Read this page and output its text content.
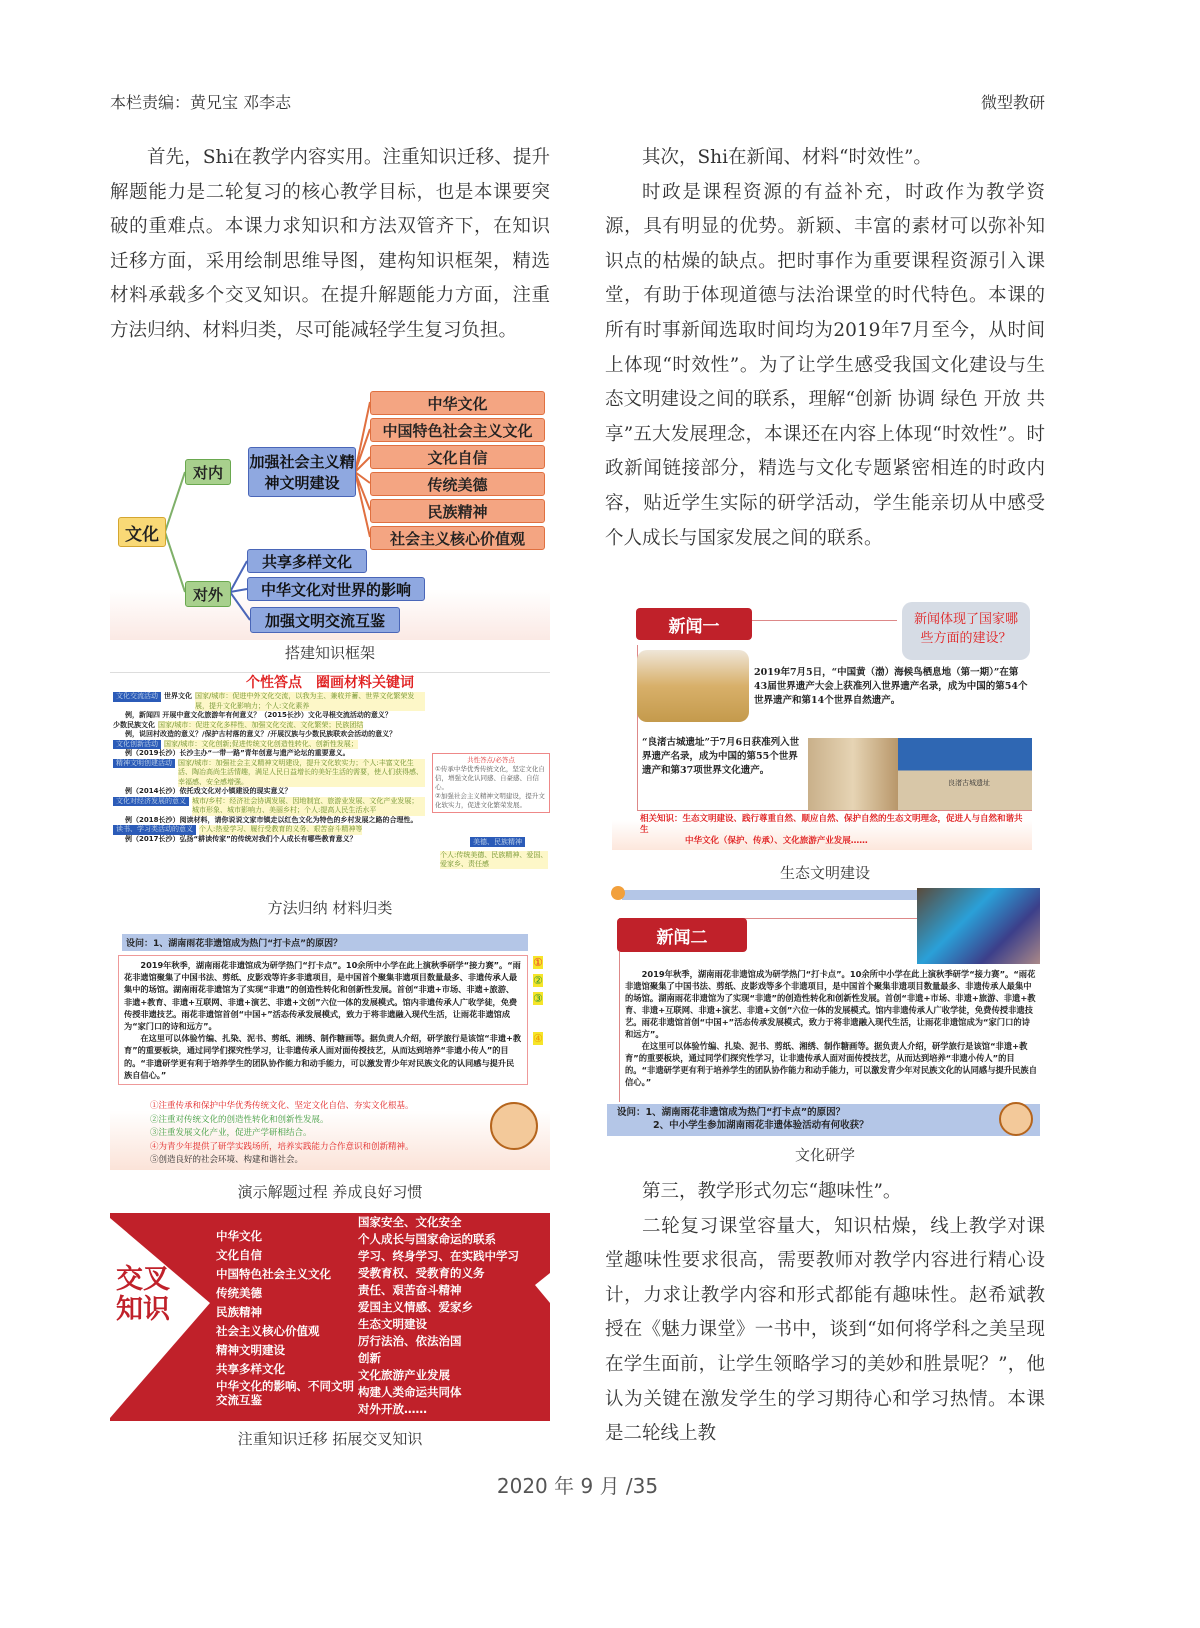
本栏责编：黄兄宝 邓李志	微型教研

首先，Shi在教学内容实用。注重知识迁移、提升解题能力是二轮复习的核心教学目标，也是本课要突破的重难点。本课力求知识和方法双管齐下，在知识迁移方面，采用绘制思维导图，建构知识框架，精选材料承载多个交叉知识。在提升解题能力方面，注重方法归纳、材料归类，尽可能减轻学生复习负担。

文化
对内
对外
加强社会主义精神文明建设
中华文化
中国特色社会主义文化
文化自信
传统美德
民族精神
社会主义核心价值观
共享多样文化
中华文化对世界的影响
加强文明交流互鉴
搭建知识框架
个性答点　圈画材料关键词
文化交流活动 世界文化 国家/城市：促进中外文化交流，以我为主、兼收并蓄、世界文化繁荣发展，提升文化影响力；个人:文化素养
例，新闻四 开展中意文化旅游年有何意义？（2015长沙）文化寻根交流活动的意义？
少数民族文化 国家/城市：促进文化多样性、加强文化交流、文化繁荣；民族团结
例，说回村改造的意义？/保护古村落的意义？/开展汉族与少数民族联欢会活动的意义？
文化创新活动 国家/城市：文化创新;促进传统文化创造性转化、创新性发展；
例（2019长沙）长沙主办“一带一路”青年创意与遗产论坛的重要意义。
精神文明创建活动 国家/城市：加强社会主义精神文明建设，提升文化软实力；个人:丰富文化生活、陶冶高尚生活情趣，满足人民日益增长的美好生活的需要，使人们获得感、幸福感、安全感增强。
例（2014长沙）依托戏文化对小镇建设的现实意义？
文化对经济发展的意义 城市/乡村：经济社会协调发展、因地制宜、旅游业发展、文化产业发展；城市形象、城市影响力、美丽乡村；个人:提高人民生活水平
例（2018长沙）阅读材料，请你说说文家市镇走以红色文化为特色的乡村发展之路的合理性。
读书、学习类活动的意义 个人:热爱学习、履行受教育的义务、艰苦奋斗精神等
例（2017长沙）弘扬“耕读传家”的传统对我们个人成长有哪些教育意义？
共性答点/必答点
①传承中华优秀传统文化，坚定文化自信，增强文化认同感、自豪感、自信心。
②加强社会主义精神文明建设，提升文化软实力，促进文化繁荣发展。
美德、民族精神
个人:传统美德、民族精神、爱国、爱家乡、责任感
方法归纳 材料归类
设问：1、湖南雨花非遗馆成为热门“打卡点”的原因？

2019年秋季，湖南雨花非遗馆成为研学热门“打卡点”。10余所中小学在此上演秋季研学“接力赛”。“雨花非遗馆聚集了中国书法、剪纸、皮影戏等许多非遗项目，是中国首个聚集非遗项目数量最多、非遗传承人最集中的场馆。湖南雨花非遗馆为了实现“非遗”的创造性转化和创新性发展。首创“非遗+市场、非遗+旅游、非遗+教育、非遗+互联网、非遗+演艺、非遗+文创”六位一体的发展模式。馆内非遗传承人广收学徒，免费传授非遗技艺。雨花非遗馆首创“中国+”活态传承发展模式，致力于将非遗融入现代生活，让雨花非遗馆成为“家门口的诗和远方”。

在这里可以体验竹编、扎染、泥书、剪纸、湘绣、制作糖画等。据负责人介绍，研学旅行是该馆“非遗+教育”的重要板块，通过同学们探究性学习，让非遗传承人面对面传授技艺，从而达到培养“非遗小传人”的目的。“非遗研学更有利于培养学生的团队协作能力和动手能力，可以激发青少年对民族文化的认同感与提升民族自信心。”

①
②
③
④
①注重传承和保护中华优秀传统文化、坚定文化自信、夯实文化根基。
②注重对传统文化的创造性转化和创新性发展。
③注重发展文化产业，促进产学研相结合。
④为青少年提供了研学实践场所，培养实践能力合作意识和创新精神。
⑤创造良好的社会环境、构建和谐社会。
演示解题过程 养成良好习惯
交叉知识
中华文化
文化自信
中国特色社会主义文化
传统美德
民族精神
社会主义核心价值观
精神文明建设
共享多样文化
中华文化的影响、不同文明交流互鉴
国家安全、文化安全
个人成长与国家命运的联系
学习、终身学习、在实践中学习
受教育权、受教育的义务
责任、艰苦奋斗精神
爱国主义情感、爱家乡
生态文明建设
厉行法治、依法治国
创新
文化旅游产业发展
构建人类命运共同体
对外开放……
注重知识迁移 拓展交叉知识

其次，Shi在新闻、材料“时效性”。

时政是课程资源的有益补充，时政作为教学资源，具有明显的优势。新颖、丰富的素材可以弥补知识点的枯燥的缺点。把时事作为重要课程资源引入课堂，有助于体现道德与法治课堂的时代特色。本课的所有时事新闻选取时间均为2019年7月至今，从时间上体现“时效性”。为了让学生感受我国文化建设与生态文明建设之间的联系，理解“创新 协调 绿色 开放 共享”五大发展理念，本课还在内容上体现“时效性”。时政新闻链接部分，精选与文化专题紧密相连的时政内容，贴近学生实际的研学活动，学生能亲切从中感受个人成长与国家发展之间的联系。

新闻一	新闻体现了国家哪些方面的建设？
2019年7月5日，“中国黄（渤）海候鸟栖息地（第一期）”在第43届世界遗产大会上获准列入世界遗产名录，成为中国的第54个世界遗产和第14个世界自然遗产。
“良渚古城遗址”于7月6日获准列入世界遗产名录，成为中国的第55个世界遗产和第37项世界文化遗产。
良渚古城遗址
相关知识：生态文明建设、践行尊重自然、顺应自然、保护自然的生态文明理念，促进人与自然和谐共生
中华文化（保护、传承）、文化旅游产业发展……
生态文明建设
新闻二

2019年秋季，湖南雨花非遗馆成为研学热门“打卡点”。10余所中小学在此上演秋季研学“接力赛”。“雨花非遗馆聚集了中国书法、剪纸、皮影戏等多个非遗项目，是中国首个聚集非遗项目数量最多、非遗传承人最集中的场馆。湖南雨花非遗馆为了实现“非遗”的创造性转化和创新性发展。首创“非遗+市场、非遗+旅游、非遗+教育、非遗+互联网、非遗+演艺、非遗+文创”六位一体的发展模式。馆内非遗传承人广收学徒，免费传授非遗技艺。雨花非遗馆首创“中国+”活态传承发展模式，致力于将非遗融入现代生活，让雨花非遗馆成为“家门口的诗和远方”。

在这里可以体验竹编、扎染、泥书、剪纸、湘绣、制作糖画等。据负责人介绍，研学旅行是该馆“非遗+教育”的重要板块，通过同学们探究性学习，让非遗传承人面对面传授技艺，从而达到培养“非遗小传人”的目的。“非遗研学更有利于培养学生的团队协作能力和动手能力，可以激发青少年对民族文化的认同感与提升民族自信心。”

设问：1、湖南雨花非遗馆成为热门“打卡点”的原因？
2、中小学生参加湖南雨花非遗体验活动有何收获？
文化研学

第三，教学形式勿忘“趣味性”。

二轮复习课堂容量大，知识枯燥，线上教学对课堂趣味性要求很高，需要教师对教学内容进行精心设计，力求让教学内容和形式都能有趣味性。赵希斌教授在《魅力课堂》一书中，谈到“如何将学科之美呈现在学生面前，让学生领略学习的美妙和胜景呢？”，他认为关键在激发学生的学习期待心和学习热情。本课是二轮线上教

2020 年 9 月 /35
